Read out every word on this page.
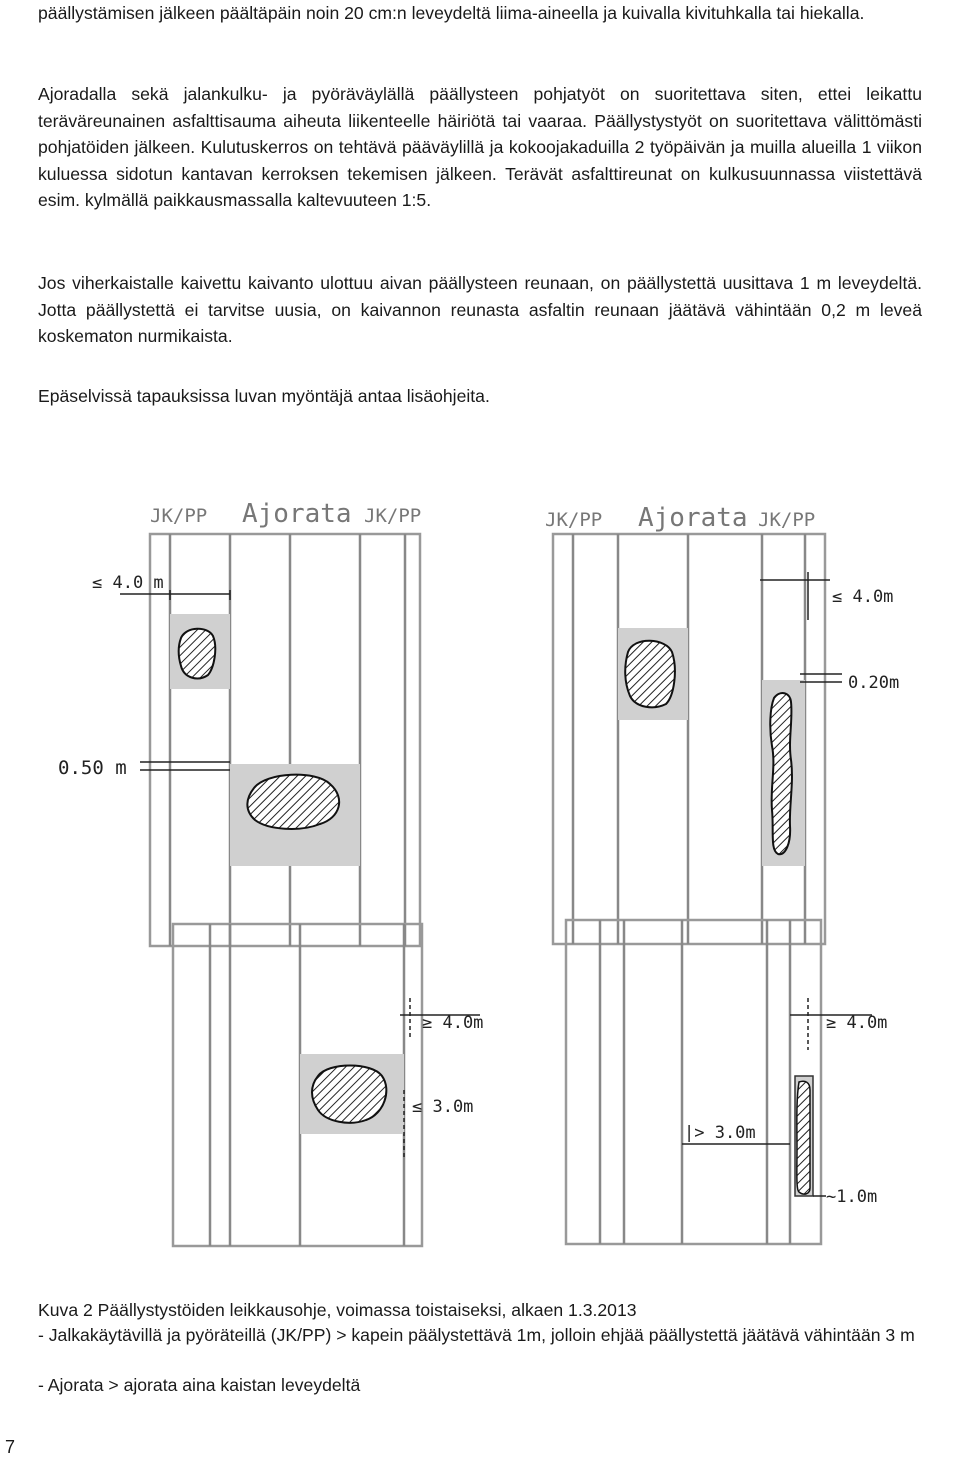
päällystämisen jälkeen päältäpäin noin 20 cm:n leveydeltä liima-aineella ja kuivalla kivituhkalla tai hiekalla.

Ajoradalla sekä jalankulku- ja pyöräväylällä päällysteen pohjatyöt on suoritettava siten, ettei leikattu teräväreunainen asfalttisauma aiheuta liikenteelle häiriötä tai vaaraa. Päällystystyöt on suoritettava välittömästi pohjatöiden jälkeen. Kulutuskerros on tehtävä pääväylillä ja kokoojakaduilla 2 työpäivän ja muilla alueilla 1 viikon kuluessa sidotun kantavan kerroksen tekemisen jälkeen. Terävät asfalttireunat on kulkusuunnassa viistettävä esim. kylmällä paikkausmassalla kaltevuuteen 1:5.

Jos viherkaistalle kaivettu kaivanto ulottuu aivan päällysteen reunaan, on päällystettä uusittava 1 m leveydeltä. Jotta päällystettä ei tarvitse uusia, on kaivannon reunasta asfaltin reunaan jäätävä vähintään 0,2 m leveä koskematon nurmikaista.

Epäselvissä tapauksissa luvan myöntäjä antaa lisäohjeita.

JK/PP Ajorata JK/PP
≤ 4.0 m
0.50 m
JK/PP Ajorata JK/PP
≤ 4.0m
0.20m
≥ 4.0m
≤ 3.0m
≥ 4.0m
|> 3.0m
~1.0m

Kuva 2 Päällystystöiden leikkausohje, voimassa toistaiseksi, alkaen 1.3.2013

- Jalkakäytävillä ja pyöräteillä (JK/PP) > kapein päälystettävä 1m, jolloin ehjää päällystettä jäätävä vähintään 3 m

- Ajorata > ajorata aina kaistan leveydeltä

7
